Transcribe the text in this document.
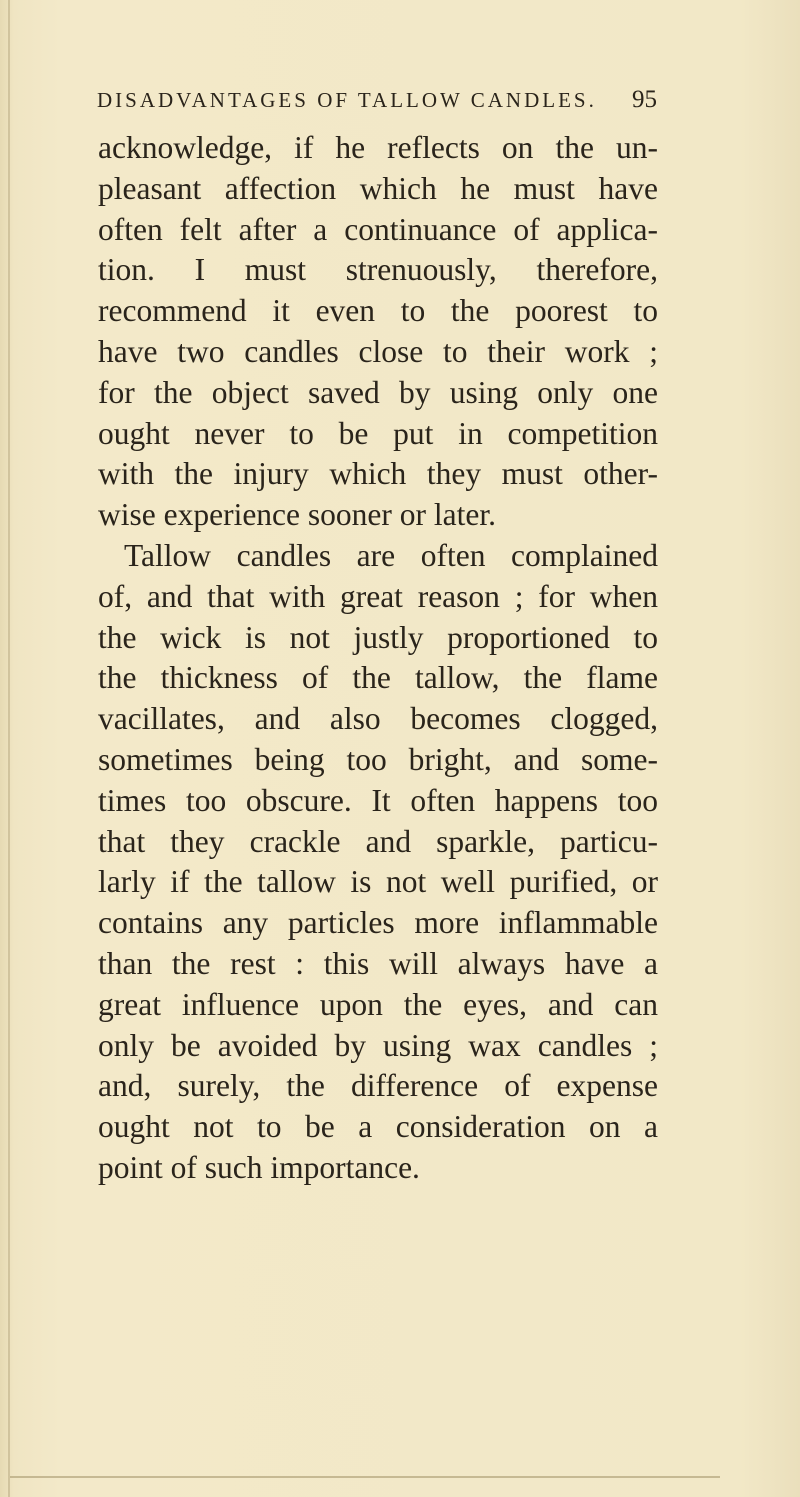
DISADVANTAGES OF TALLOW CANDLES. 95
acknowledge, if he reflects on the un-
pleasant affection which he must have
often felt after a continuance of applica-
tion. I must strenuously, therefore,
recommend it even to the poorest to
have two candles close to their work ;
for the object saved by using only one
ought never to be put in competition
with the injury which they must other-
wise experience sooner or later.
Tallow candles are often complained
of, and that with great reason ; for when
the wick is not justly proportioned to
the thickness of the tallow, the flame
vacillates, and also becomes clogged,
sometimes being too bright, and some-
times too obscure. It often happens too
that they crackle and sparkle, particu-
larly if the tallow is not well purified, or
contains any particles more inflammable
than the rest : this will always have a
great influence upon the eyes, and can
only be avoided by using wax candles ;
and, surely, the difference of expense
ought not to be a consideration on a
point of such importance.
